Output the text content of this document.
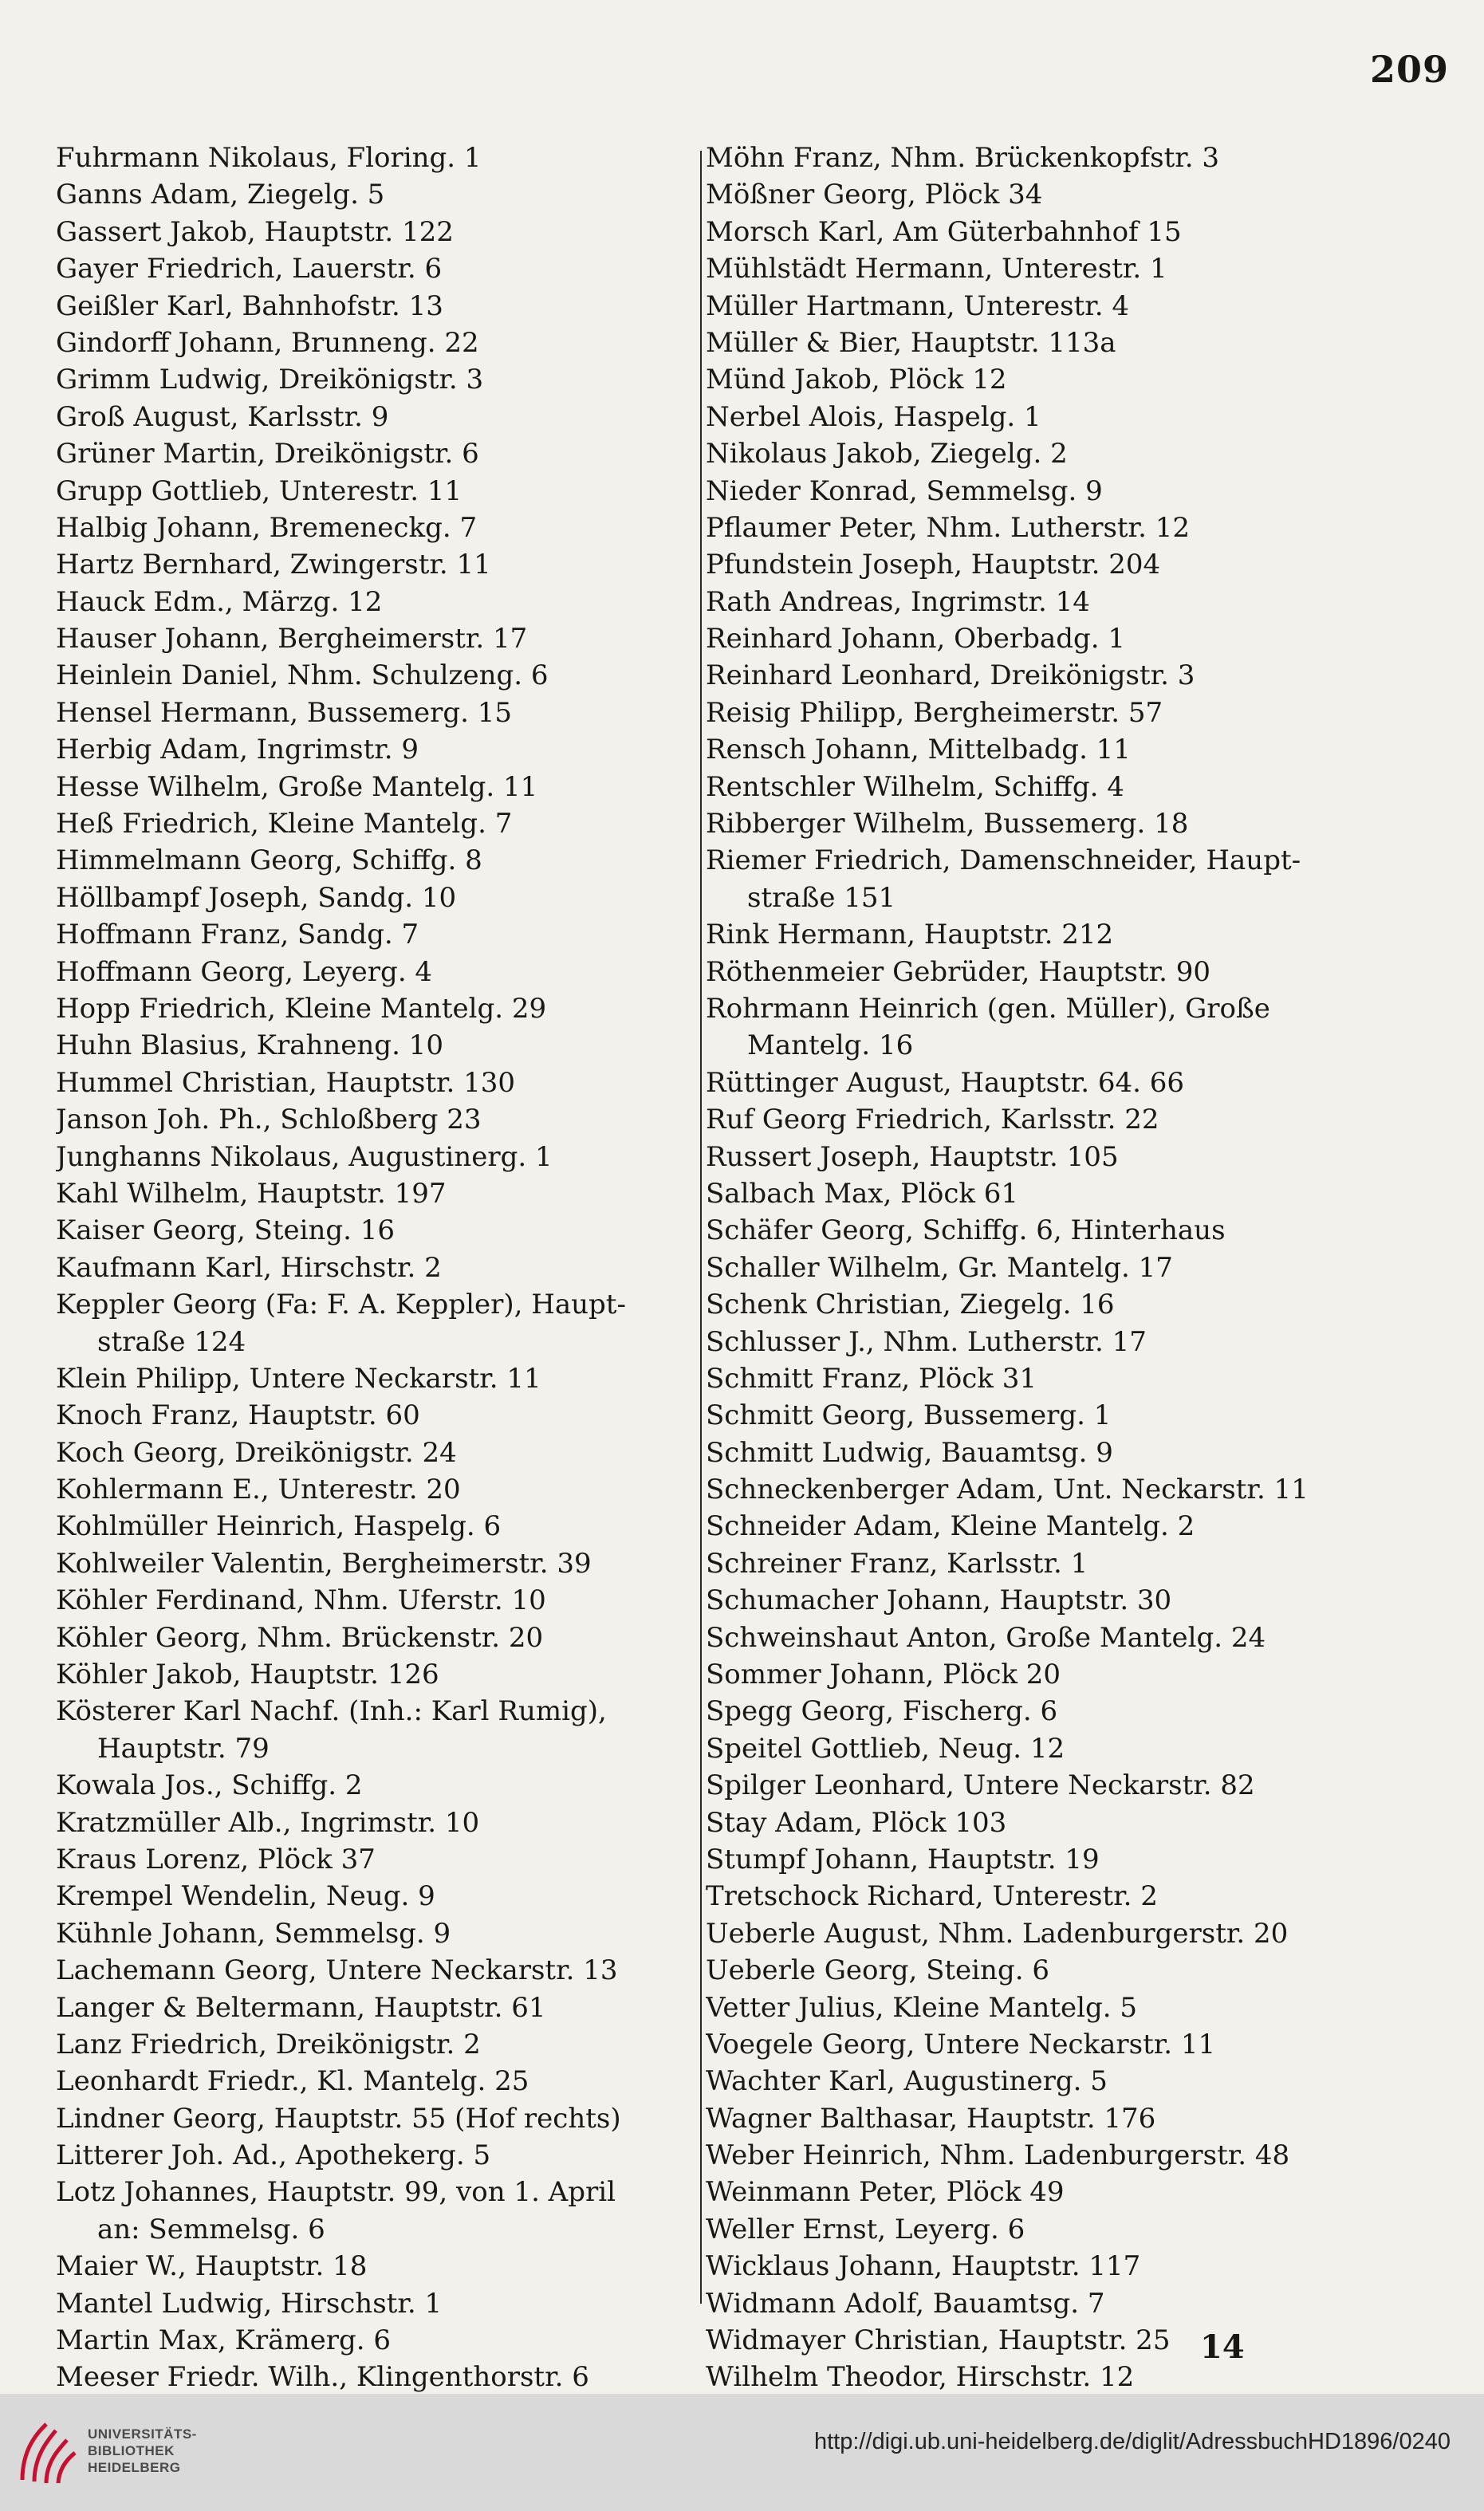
209
Fuhrmann Nikolaus, Floring. 1
Ganns Adam, Ziegelg. 5
Gassert Jakob, Hauptstr. 122
Gayer Friedrich, Lauerstr. 6
Geißler Karl, Bahnhofstr. 13
Gindorff Johann, Brunneng. 22
Grimm Ludwig, Dreikönigstr. 3
Groß August, Karlsstr. 9
Grüner Martin, Dreikönigstr. 6
Grupp Gottlieb, Unterestr. 11
Halbig Johann, Bremeneckg. 7
Hartz Bernhard, Zwingerstr. 11
Hauck Edm., Märzg. 12
Hauser Johann, Bergheimerstr. 17
Heinlein Daniel, Nhm. Schulzeng. 6
Hensel Hermann, Bussemerg. 15
Herbig Adam, Ingrimstr. 9
Hesse Wilhelm, Große Mantelg. 11
Heß Friedrich, Kleine Mantelg. 7
Himmelmann Georg, Schiffg. 8
Höllbampf Joseph, Sandg. 10
Hoffmann Franz, Sandg. 7
Hoffmann Georg, Leyerg. 4
Hopp Friedrich, Kleine Mantelg. 29
Huhn Blasius, Krahneng. 10
Hummel Christian, Hauptstr. 130
Janson Joh. Ph., Schloßberg 23
Junghanns Nikolaus, Augustinerg. 1
Kahl Wilhelm, Hauptstr. 197
Kaiser Georg, Steing. 16
Kaufmann Karl, Hirschstr. 2
Keppler Georg (Fa: F. A. Keppler), Haupt-
straße 124
Klein Philipp, Untere Neckarstr. 11
Knoch Franz, Hauptstr. 60
Koch Georg, Dreikönigstr. 24
Kohlermann E., Unterestr. 20
Kohlmüller Heinrich, Haspelg. 6
Kohlweiler Valentin, Bergheimerstr. 39
Köhler Ferdinand, Nhm. Uferstr. 10
Köhler Georg, Nhm. Brückenstr. 20
Köhler Jakob, Hauptstr. 126
Kösterer Karl Nachf. (Inh.: Karl Rumig),
Hauptstr. 79
Kowala Jos., Schiffg. 2
Kratzmüller Alb., Ingrimstr. 10
Kraus Lorenz, Plöck 37
Krempel Wendelin, Neug. 9
Kühnle Johann, Semmelsg. 9
Lachemann Georg, Untere Neckarstr. 13
Langer & Beltermann, Hauptstr. 61
Lanz Friedrich, Dreikönigstr. 2
Leonhardt Friedr., Kl. Mantelg. 25
Lindner Georg, Hauptstr. 55 (Hof rechts)
Litterer Joh. Ad., Apothekerg. 5
Lotz Johannes, Hauptstr. 99, von 1. April
an: Semmelsg. 6
Maier W., Hauptstr. 18
Mantel Ludwig, Hirschstr. 1
Martin Max, Krämerg. 6
Meeser Friedr. Wilh., Klingenthorstr. 6
Möhn Franz, Nhm. Brückenkopfstr. 3
Mößner Georg, Plöck 34
Morsch Karl, Am Güterbahnhof 15
Mühlstädt Hermann, Unterestr. 1
Müller Hartmann, Unterestr. 4
Müller & Bier, Hauptstr. 113a
Münd Jakob, Plöck 12
Nerbel Alois, Haspelg. 1
Nikolaus Jakob, Ziegelg. 2
Nieder Konrad, Semmelsg. 9
Pflaumer Peter, Nhm. Lutherstr. 12
Pfundstein Joseph, Hauptstr. 204
Rath Andreas, Ingrimstr. 14
Reinhard Johann, Oberbadg. 1
Reinhard Leonhard, Dreikönigstr. 3
Reisig Philipp, Bergheimerstr. 57
Rensch Johann, Mittelbadg. 11
Rentschler Wilhelm, Schiffg. 4
Ribberger Wilhelm, Bussemerg. 18
Riemer Friedrich, Damenschneider, Haupt-
straße 151
Rink Hermann, Hauptstr. 212
Röthenmeier Gebrüder, Hauptstr. 90
Rohrmann Heinrich (gen. Müller), Große
Mantelg. 16
Rüttinger August, Hauptstr. 64. 66
Ruf Georg Friedrich, Karlsstr. 22
Russert Joseph, Hauptstr. 105
Salbach Max, Plöck 61
Schäfer Georg, Schiffg. 6, Hinterhaus
Schaller Wilhelm, Gr. Mantelg. 17
Schenk Christian, Ziegelg. 16
Schlusser J., Nhm. Lutherstr. 17
Schmitt Franz, Plöck 31
Schmitt Georg, Bussemerg. 1
Schmitt Ludwig, Bauamtsg. 9
Schneckenberger Adam, Unt. Neckarstr. 11
Schneider Adam, Kleine Mantelg. 2
Schreiner Franz, Karlsstr. 1
Schumacher Johann, Hauptstr. 30
Schweinshaut Anton, Große Mantelg. 24
Sommer Johann, Plöck 20
Spegg Georg, Fischerg. 6
Speitel Gottlieb, Neug. 12
Spilger Leonhard, Untere Neckarstr. 82
Stay Adam, Plöck 103
Stumpf Johann, Hauptstr. 19
Tretschock Richard, Unterestr. 2
Ueberle August, Nhm. Ladenburgerstr. 20
Ueberle Georg, Steing. 6
Vetter Julius, Kleine Mantelg. 5
Voegele Georg, Untere Neckarstr. 11
Wachter Karl, Augustinerg. 5
Wagner Balthasar, Hauptstr. 176
Weber Heinrich, Nhm. Ladenburgerstr. 48
Weinmann Peter, Plöck 49
Weller Ernst, Leyerg. 6
Wicklaus Johann, Hauptstr. 117
Widmann Adolf, Bauamtsg. 7
Widmayer Christian, Hauptstr. 25
Wilhelm Theodor, Hirschstr. 12
14
UNIVERSITÄTS-
BIBLIOTHEK
HEIDELBERG
http://digi.ub.uni-heidelberg.de/diglit/AdressbuchHD1896/0240
